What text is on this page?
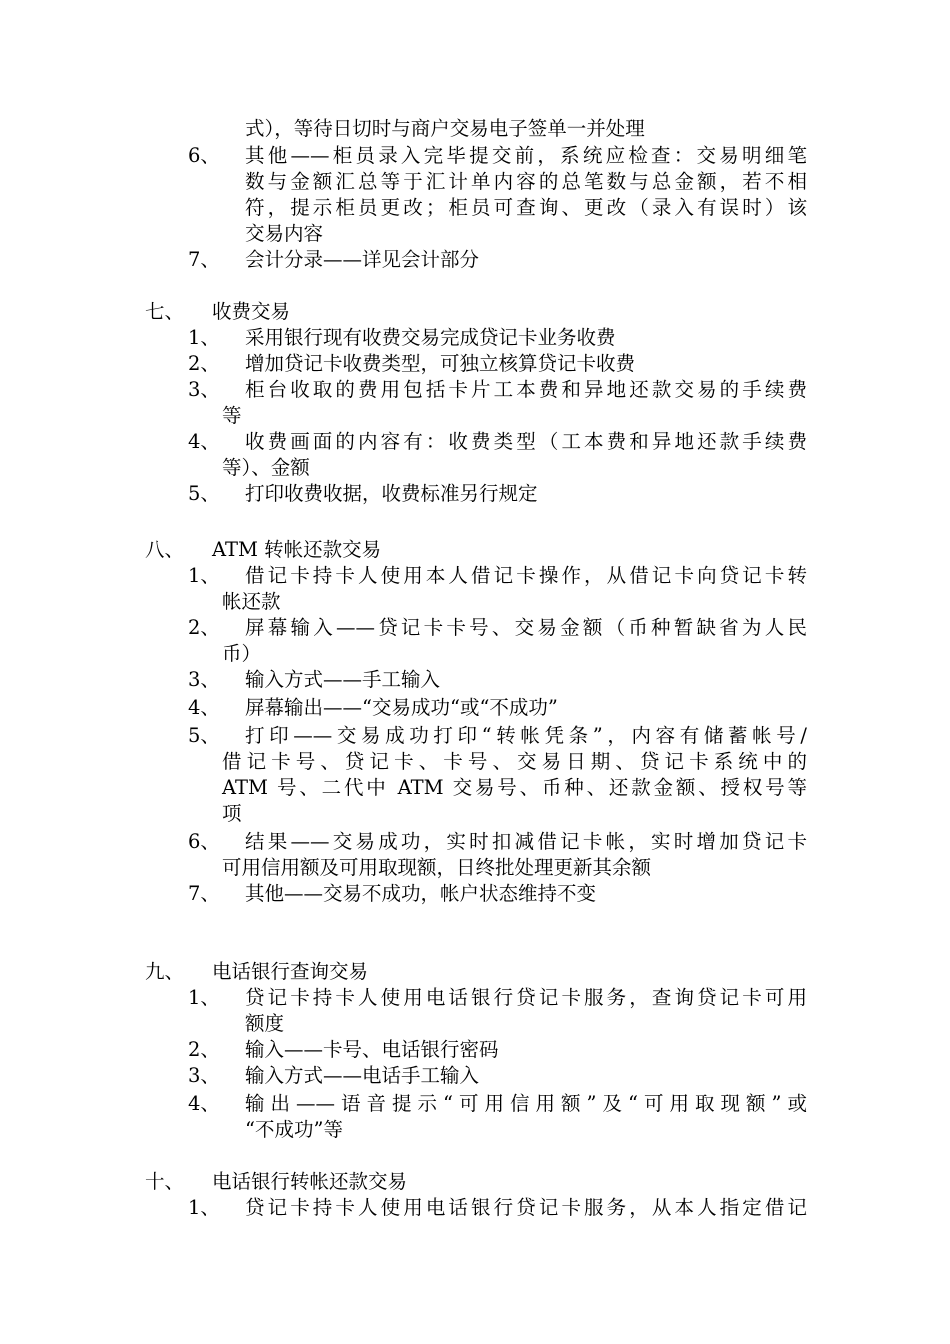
式），等待日切时与商户交易电子签单一并处理
6、 其他——柜员录入完毕提交前，系统应检查：交易明细笔
数与金额汇总等于汇计单内容的总笔数与总金额，若不相
符，提示柜员更改；柜员可查询、更改（录入有误时）该
交易内容
7、 会计分录——详见会计部分
七、 收费交易
1、 采用银行现有收费交易完成贷记卡业务收费
2、 增加贷记卡收费类型，可独立核算贷记卡收费
3、 柜台收取的费用包括卡片工本费和异地还款交易的手续费
等
4、 收费画面的内容有：收费类型（工本费和异地还款手续费
等）、金额
5、 打印收费收据，收费标准另行规定
八、 ATM 转帐还款交易
1、 借记卡持卡人使用本人借记卡操作，从借记卡向贷记卡转
帐还款
2、 屏幕输入——贷记卡卡号、交易金额（币种暂缺省为人民
币）
3、 输入方式——手工输入
4、 屏幕输出——“交易成功“或“不成功”
5、 打印——交易成功打印“转帐凭条”，内容有储蓄帐号/
借记卡号、贷记卡、卡号、交易日期、贷记卡系统中的
ATM 号、二代中 ATM 交易号、币种、还款金额、授权号等
项
6、 结果——交易成功，实时扣减借记卡帐，实时增加贷记卡
可用信用额及可用取现额，日终批处理更新其余额
7、 其他——交易不成功，帐户状态维持不变
九、 电话银行查询交易
1、 贷记卡持卡人使用电话银行贷记卡服务，查询贷记卡可用
额度
2、 输入——卡号、电话银行密码
3、 输入方式——电话手工输入
4、 输出——语音提示“可用信用额”及“可用取现额”或
“不成功”等
十、 电话银行转帐还款交易
1、 贷记卡持卡人使用电话银行贷记卡服务，从本人指定借记
